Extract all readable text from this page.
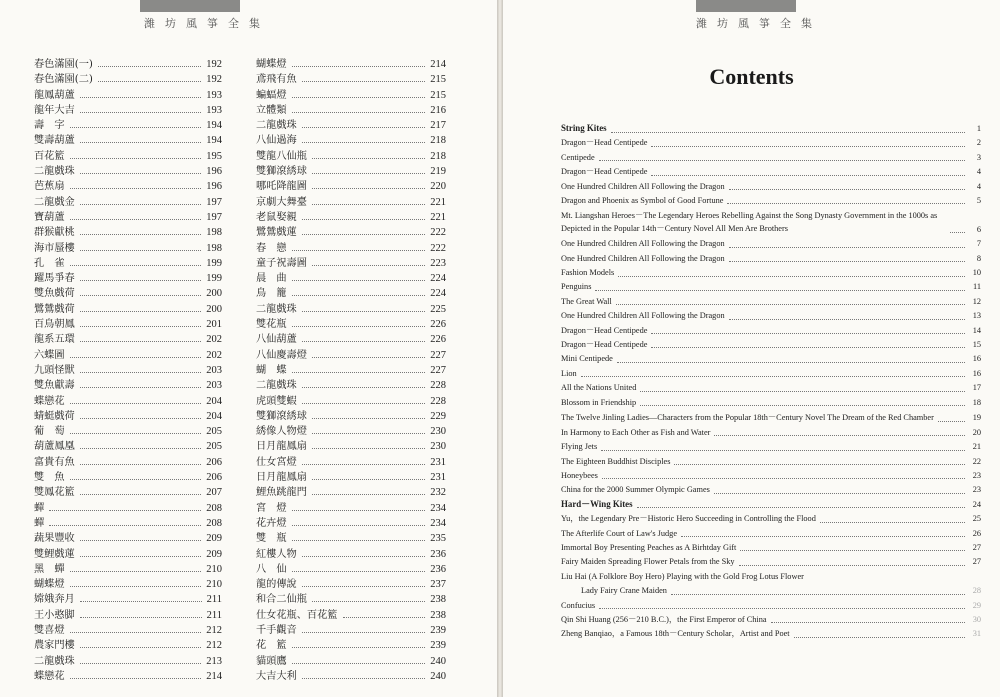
濰坊風箏全集
春色滿園(一)	192
春色滿園(二)	192
龍鳳葫蘆	193
龍年大吉	193
壽　字	194
雙壽葫蘆	194
百花籃	195
二龍戲珠	196
芭蕉扇	196
二龍戲金	197
寶葫蘆	197
群猴獻桃	198
海市蜃樓	198
孔　雀	199
躍馬爭春	199
雙魚戲荷	200
鷺鷥戲荷	200
百鳥朝鳳	201
龍系五環	202
六蝶圖	202
九頭怪獸	203
雙魚獻壽	203
蝶戀花	204
蜻蜓戲荷	204
葡　萄	205
葫蘆鳳凰	205
富貴有魚	206
雙　魚	206
雙鳳花籃	207
蟬	208
蟬	208
蔬果豐收	209
雙鯉戲蓮	209
黑　蟬	210
蝴蝶燈	210
嫦娥奔月	211
王小憨脚	211
雙喜燈	212
農家門樓	212
二龍戲珠	213
蝶戀花	214
蝴蝶燈	214
鳶飛有魚	215
蝙蝠燈	215
立體類	216
二龍戲珠	217
八仙過海	218
雙龍八仙瓶	218
雙獅滾綉球	219
哪吒降龍圖	220
京劇大舞臺	221
老鼠娶親	221
鷺鷥戲蓮	222
春　戀	222
童子祝壽圖	223
晨　曲	224
鳥　籠	224
二龍戲珠	225
雙花瓶	226
八仙葫蘆	226
八仙慶壽燈	227
蝴　蝶	227
二龍戲珠	228
虎頭雙蝦	228
雙獅滾綉球	229
綉像人物燈	230
日月龍鳳扇	230
仕女宮燈	231
日月龍鳳扇	231
鯉魚跳龍門	232
宮　燈	234
花卉燈	234
雙　瓶	235
紅樓人物	236
八　仙	236
龍的傳說	237
和合二仙瓶	238
仕女花瓶、百花籃	238
千手觀音	239
花　籃	239
貓頭鷹	240
大吉大利	240
濰坊風箏全集
Contents
String Kites	1
Dragon－Head Centipede	2
Centipede	3
Dragon－Head Centipede	4
One Hundred Children All Following the Dragon	4
Dragon and Phoenix as Symbol of Good Fortune	5
Mt. Liangshan Heroes－The Legendary Heroes Rebelling Against the Song Dynasty Government in the 1000s as Depicted in the Popular 14th－Century Novel All Men Are Brothers	6
One Hundred Children All Following the Dragon	7
One Hundred Children All Following the Dragon	8
Fashion Models	10
Penguins	11
The Great Wall	12
One Hundred Children All Following the Dragon	13
Dragon－Head Centipede	14
Dragon－Head Centipede	15
Mini Centipede	16
Lion	16
All the Nations United	17
Blossom in Friendship	18
The Twelve Jinling Ladies—Characters from the Popular 18th－Century Novel The Dream of the Red Chamber	19
In Harmony to Each Other as Fish and Water	20
Flying Jets	21
The Eighteen Buddhist Disciples	22
Honeybees	23
China for the 2000 Summer Olympic Games	23
Hard－Wing Kites	24
Yu，the Legendary Pre－Historic Hero Succeeding in Controlling the Flood	25
The Afterlife Court of Law's Judge	26
Immortal Boy Presenting Peaches as A Birhtday Gift	27
Fairy Maiden Spreading Flower Petals from the Sky	27
Liu Hai (A Folklore Boy Hero) Playing with the Gold Frog Lotus Flower
Lady Fairy Crane Maiden	28
Confucius	29
Qin Shi Huang (256－210 B.C.)，the First Emperor of China	30
Zheng Banqiao，a Famous 18th－Century Scholar，Artist and Poet	31
